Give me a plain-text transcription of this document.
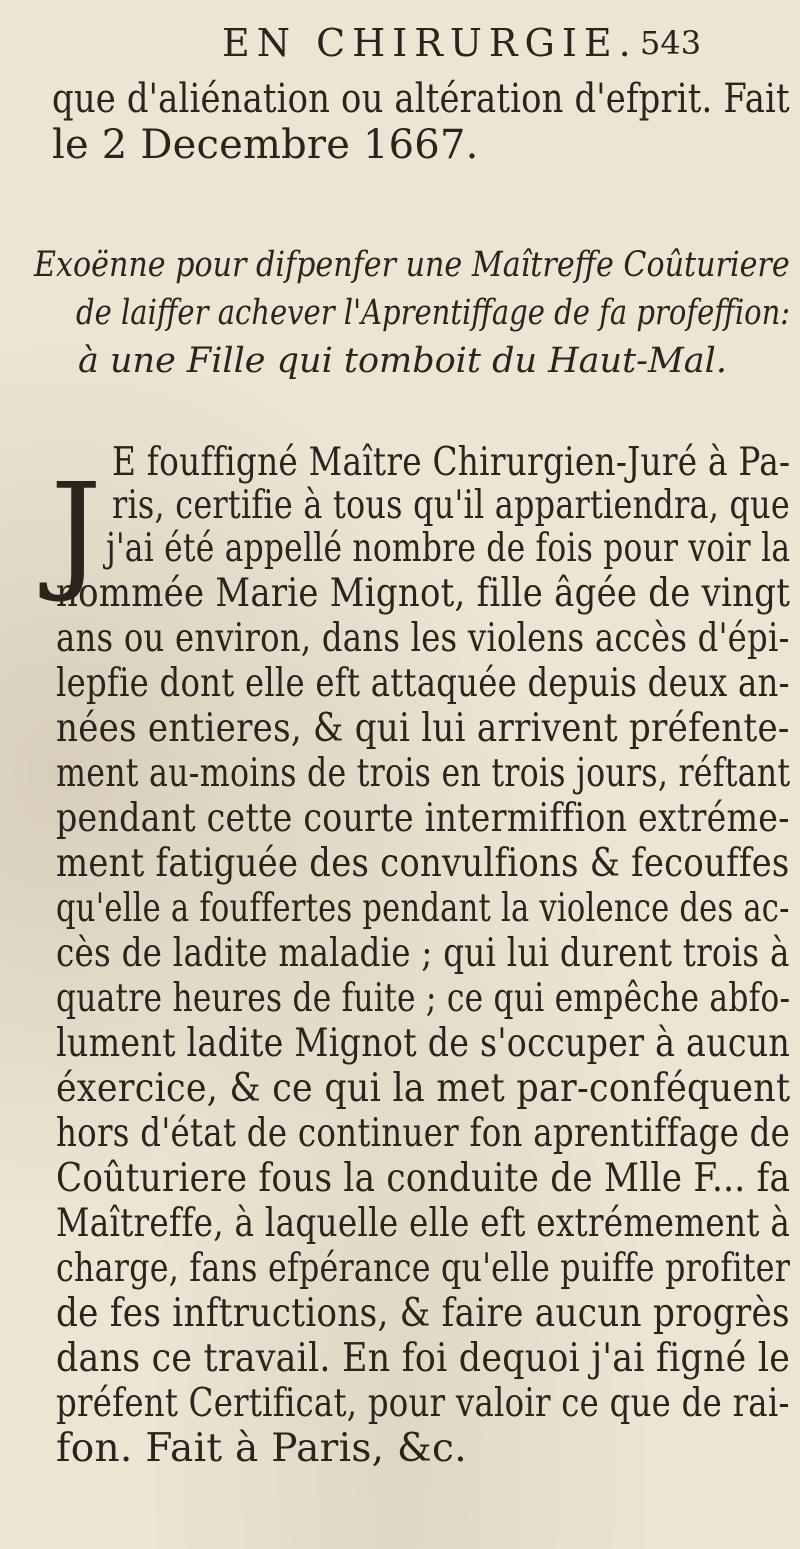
EN CHIRURGIE. 543
que d'aliénation ou altération d'efprit. Fait
le 2 Decembre 1667.
Exoënne pour difpenfer une Maîtreffe Coûturiere
de laiffer achever l'Aprentiffage de fa profeffion:
à une Fille qui tomboit du Haut-Mal.
J E fouffigné Maître Chirurgien-Juré à Pa-
ris, certifie à tous qu'il appartiendra, que
j'ai été appellé nombre de fois pour voir la
nommée Marie Mignot, fille âgée de vingt
ans ou environ, dans les violens accès d'épi-
lepfie dont elle eft attaquée depuis deux an-
nées entieres, & qui lui arrivent préfente-
ment au-moins de trois en trois jours, réftant
pendant cette courte intermiffion extréme-
ment fatiguée des convulfions & fecouffes
qu'elle a fouffertes pendant la violence des ac-
cès de ladite maladie ; qui lui durent trois à
quatre heures de fuite ; ce qui empêche abfo-
lument ladite Mignot de s'occuper à aucun
éxercice, & ce qui la met par-conféquent
hors d'état de continuer fon aprentiffage de
Coûturiere fous la conduite de Mlle F... fa
Maîtreffe, à laquelle elle eft extrémement à
charge, fans efpérance qu'elle puiffe profiter
de fes inftructions, & faire aucun progrès
dans ce travail. En foi dequoi j'ai figné le
préfent Certificat, pour valoir ce que de rai-
fon. Fait à Paris, &c.
